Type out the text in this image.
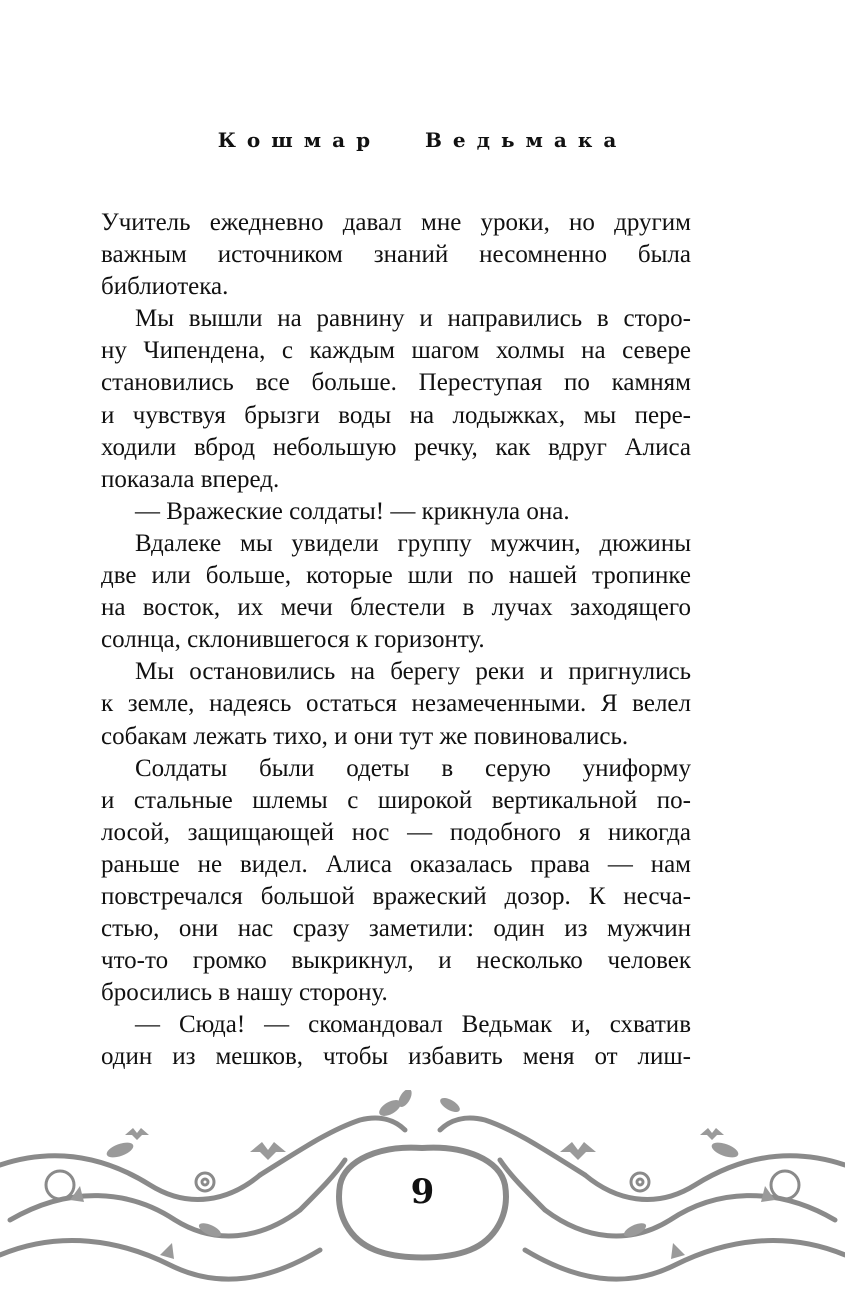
Кошмар Ведьмака
Учитель ежедневно давал мне уроки, но другим
важным источником знаний несомненно была
библиотека.
Мы вышли на равнину и направились в сторо-
ну Чипендена, с каждым шагом холмы на севере
становились все больше. Переступая по камням
и чувствуя брызги воды на лодыжках, мы пере-
ходили вброд небольшую речку, как вдруг Алиса
показала вперед.
— Вражеские солдаты! — крикнула она.
Вдалеке мы увидели группу мужчин, дюжины
две или больше, которые шли по нашей тропинке
на восток, их мечи блестели в лучах заходящего
солнца, склонившегося к горизонту.
Мы остановились на берегу реки и пригнулись
к земле, надеясь остаться незамеченными. Я велел
собакам лежать тихо, и они тут же повиновались.
Солдаты были одеты в серую униформу
и стальные шлемы с широкой вертикальной по-
лосой, защищающей нос — подобного я никогда
раньше не видел. Алиса оказалась права — нам
повстречался большой вражеский дозор. К несча-
стью, они нас сразу заметили: один из мужчин
что-то громко выкрикнул, и несколько человек
бросились в нашу сторону.
— Сюда! — скомандовал Ведьмак и, схватив
один из мешков, чтобы избавить меня от лиш-
9
